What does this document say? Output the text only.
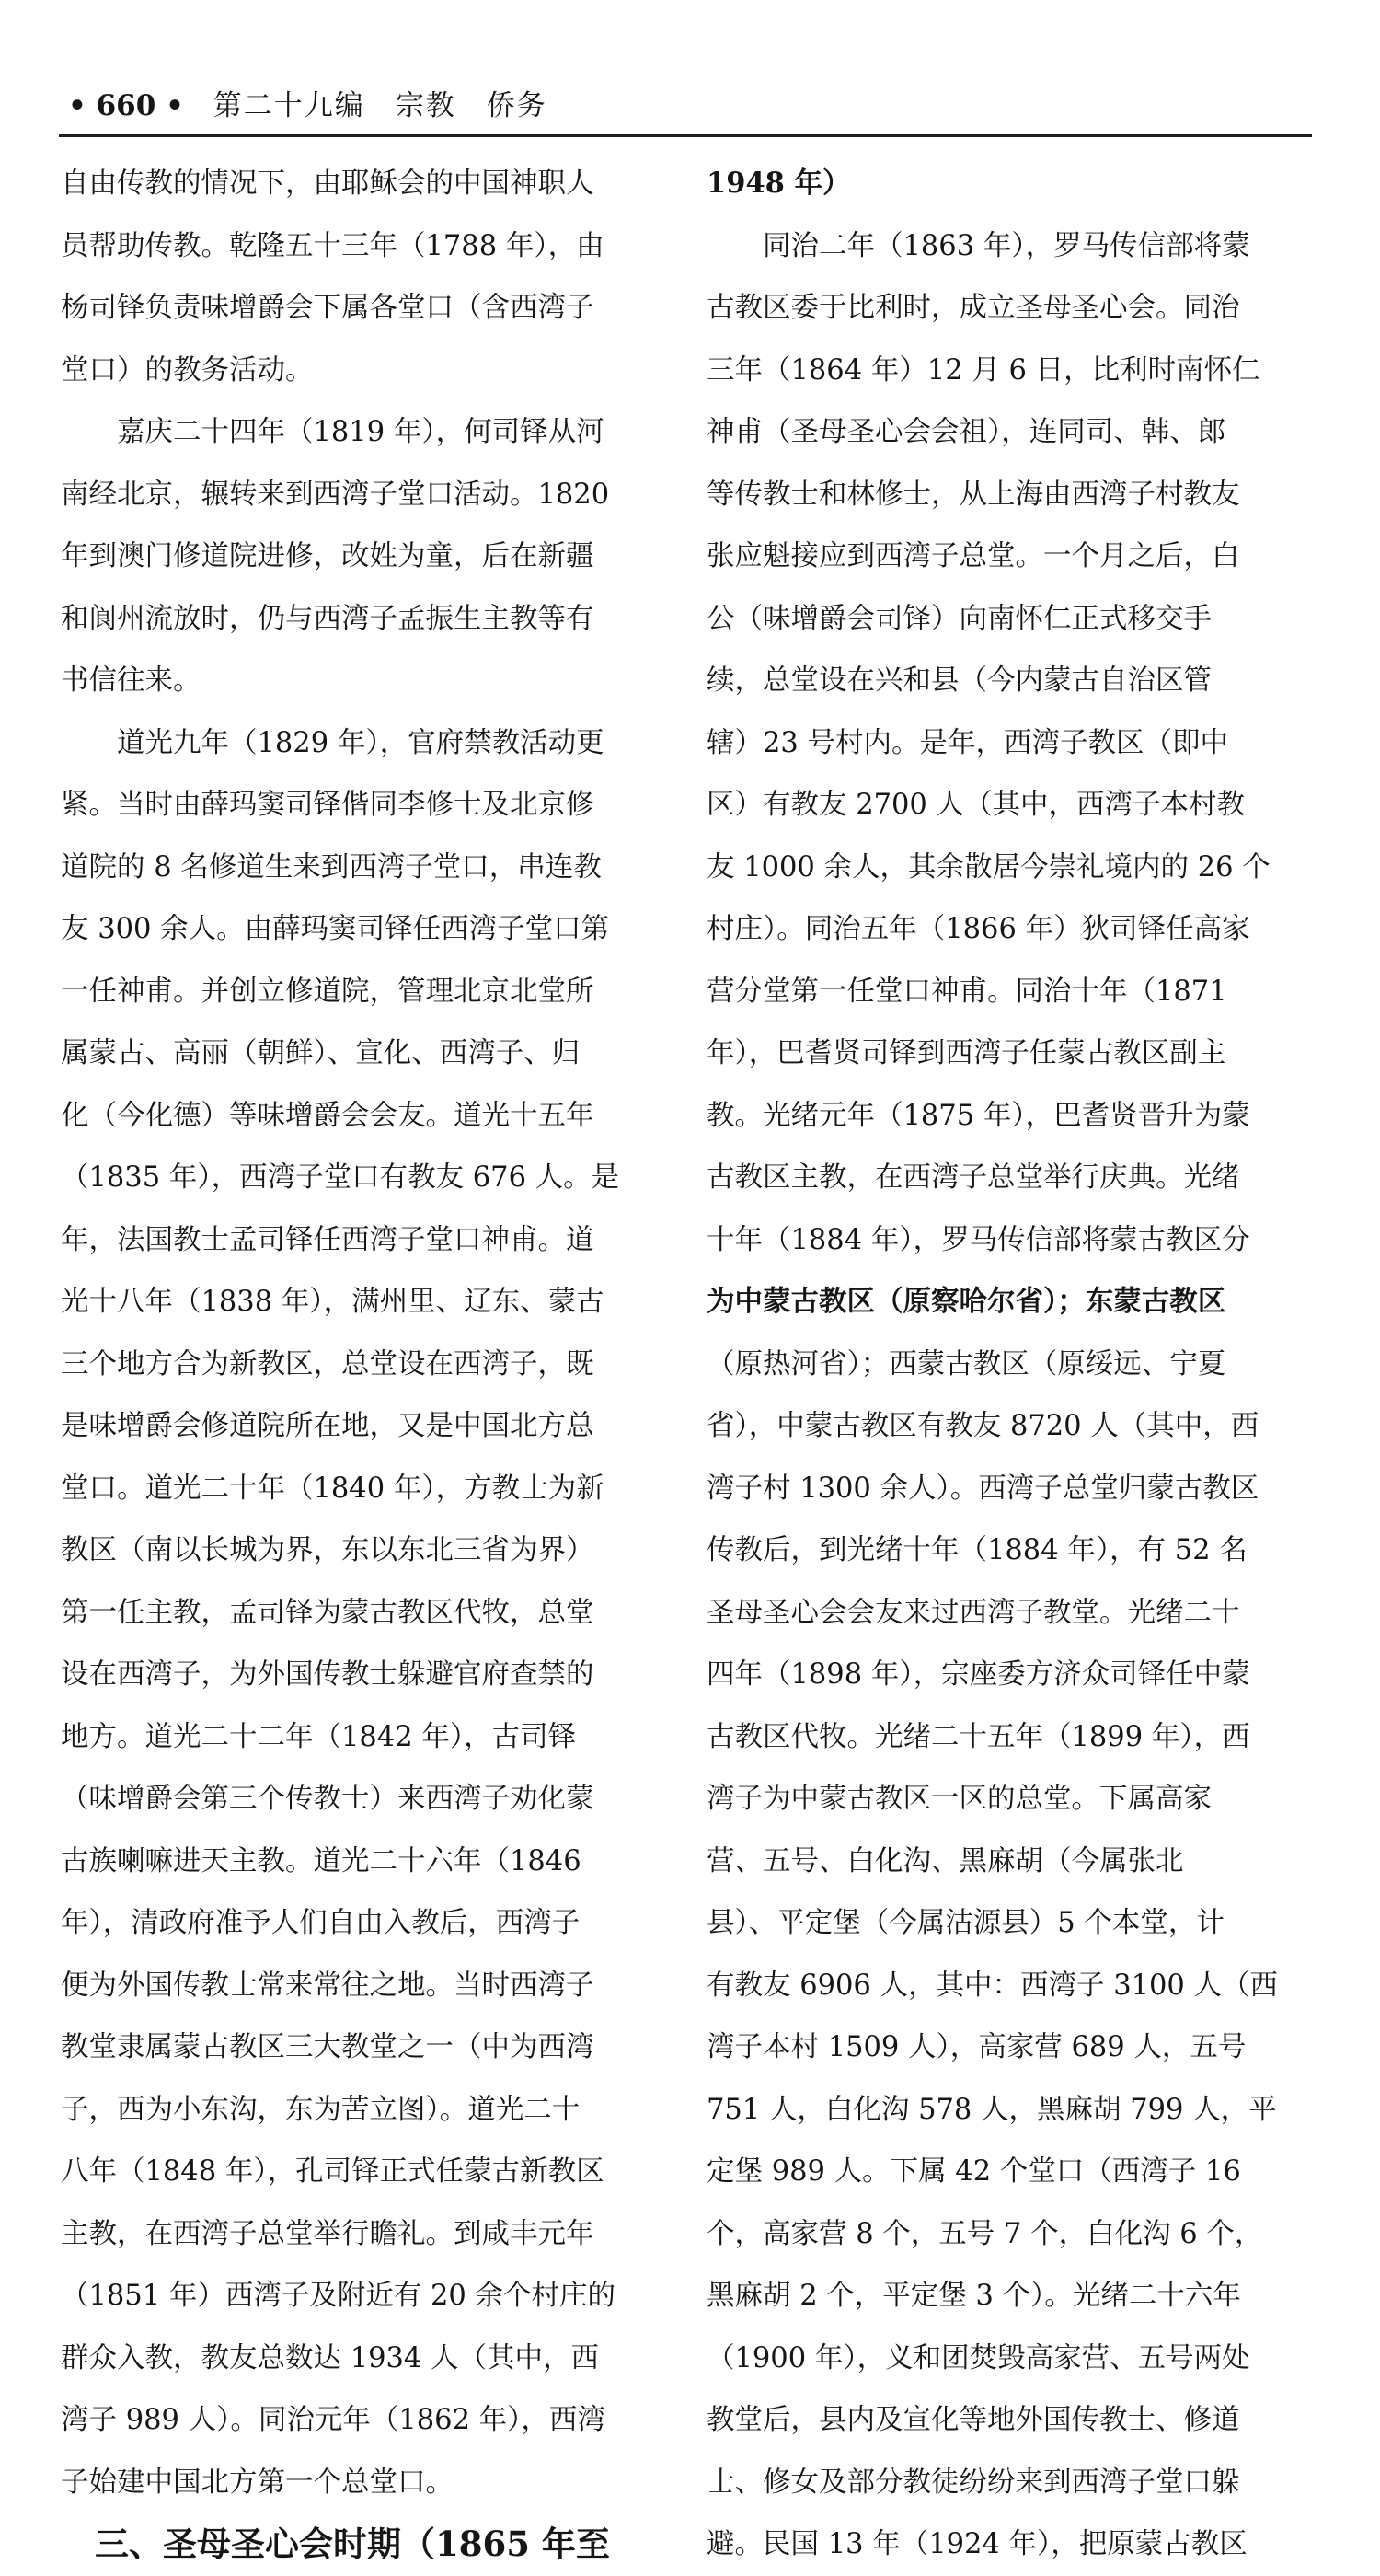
• 660 • 第二十九编　宗教　侨务
自由传教的情况下，由耶稣会的中国神职人
员帮助传教。乾隆五十三年（1788 年），由
杨司铎负责味增爵会下属各堂口（含西湾子
堂口）的教务活动。
　　嘉庆二十四年（1819 年），何司铎从河
南经北京，辗转来到西湾子堂口活动。1820
年到澳门修道院进修，改姓为童，后在新疆
和阆州流放时，仍与西湾子孟振生主教等有
书信往来。
　　道光九年（1829 年），官府禁教活动更
紧。当时由薛玛窦司铎偕同李修士及北京修
道院的 8 名修道生来到西湾子堂口，串连教
友 300 余人。由薛玛窦司铎任西湾子堂口第
一任神甫。并创立修道院，管理北京北堂所
属蒙古、高丽（朝鲜）、宣化、西湾子、归
化（今化德）等味增爵会会友。道光十五年
（1835 年），西湾子堂口有教友 676 人。是
年，法国教士孟司铎任西湾子堂口神甫。道
光十八年（1838 年），满州里、辽东、蒙古
三个地方合为新教区，总堂设在西湾子，既
是味增爵会修道院所在地，又是中国北方总
堂口。道光二十年（1840 年），方教士为新
教区（南以长城为界，东以东北三省为界）
第一任主教，孟司铎为蒙古教区代牧，总堂
设在西湾子，为外国传教士躲避官府查禁的
地方。道光二十二年（1842 年），古司铎
（味增爵会第三个传教士）来西湾子劝化蒙
古族喇嘛进天主教。道光二十六年（1846
年），清政府准予人们自由入教后，西湾子
便为外国传教士常来常往之地。当时西湾子
教堂隶属蒙古教区三大教堂之一（中为西湾
子，西为小东沟，东为苦立图）。道光二十
八年（1848 年），孔司铎正式任蒙古新教区
主教，在西湾子总堂举行瞻礼。到咸丰元年
（1851 年）西湾子及附近有 20 余个村庄的
群众入教，教友总数达 1934 人（其中，西
湾子 989 人）。同治元年（1862 年），西湾
子始建中国北方第一个总堂口。
　三、圣母圣心会时期（1865 年至
1948 年）
　　同治二年（1863 年），罗马传信部将蒙
古教区委于比利时，成立圣母圣心会。同治
三年（1864 年）12 月 6 日，比利时南怀仁
神甫（圣母圣心会会祖），连同司、韩、郎
等传教士和林修士，从上海由西湾子村教友
张应魁接应到西湾子总堂。一个月之后，白
公（味增爵会司铎）向南怀仁正式移交手
续，总堂设在兴和县（今内蒙古自治区管
辖）23 号村内。是年，西湾子教区（即中
区）有教友 2700 人（其中，西湾子本村教
友 1000 余人，其余散居今崇礼境内的 26 个
村庄）。同治五年（1866 年）狄司铎任高家
营分堂第一任堂口神甫。同治十年（1871
年），巴耆贤司铎到西湾子任蒙古教区副主
教。光绪元年（1875 年），巴耆贤晋升为蒙
古教区主教，在西湾子总堂举行庆典。光绪
十年（1884 年），罗马传信部将蒙古教区分
为中蒙古教区（原察哈尔省）；东蒙古教区
（原热河省）；西蒙古教区（原绥远、宁夏
省），中蒙古教区有教友 8720 人（其中，西
湾子村 1300 余人）。西湾子总堂归蒙古教区
传教后，到光绪十年（1884 年），有 52 名
圣母圣心会会友来过西湾子教堂。光绪二十
四年（1898 年），宗座委方济众司铎任中蒙
古教区代牧。光绪二十五年（1899 年），西
湾子为中蒙古教区一区的总堂。下属高家
营、五号、白化沟、黑麻胡（今属张北
县）、平定堡（今属沽源县）5 个本堂，计
有教友 6906 人，其中：西湾子 3100 人（西
湾子本村 1509 人），高家营 689 人，五号
751 人，白化沟 578 人，黑麻胡 799 人，平
定堡 989 人。下属 42 个堂口（西湾子 16
个，高家营 8 个，五号 7 个，白化沟 6 个，
黑麻胡 2 个，平定堡 3 个）。光绪二十六年
（1900 年），义和团焚毁高家营、五号两处
教堂后，县内及宣化等地外国传教士、修道
士、修女及部分教徒纷纷来到西湾子堂口躲
避。民国 13 年（1924 年），把原蒙古教区
